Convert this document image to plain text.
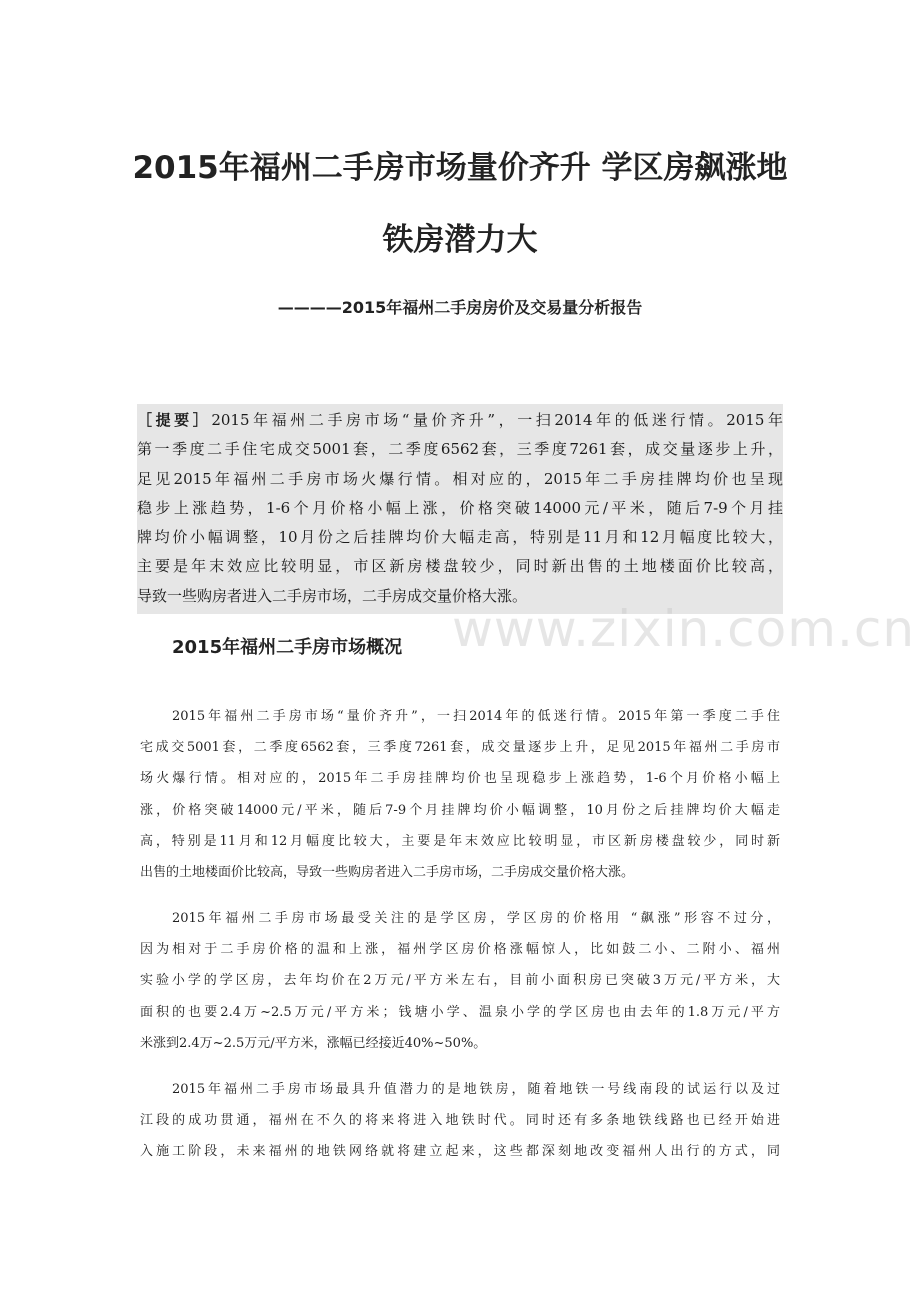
2015年福州二手房市场量价齐升 学区房飙涨地
铁房潜力大
————2015年福州二手房房价及交易量分析报告
［提要］2015年福州二手房市场“量价齐升”，一扫2014年的低迷行情。2015年
第一季度二手住宅成交5001套，二季度6562套，三季度7261套，成交量逐步上升，
足见2015年福州二手房市场火爆行情。相对应的，2015年二手房挂牌均价也呈现
稳步上涨趋势，1-6个月价格小幅上涨，价格突破14000元/平米，随后7-9个月挂
牌均价小幅调整，10月份之后挂牌均价大幅走高，特别是11月和12月幅度比较大，
主要是年末效应比较明显，市区新房楼盘较少，同时新出售的土地楼面价比较高，
导致一些购房者进入二手房市场，二手房成交量价格大涨。
www.zixin.com.cn
2015年福州二手房市场概况
2015年福州二手房市场“量价齐升”，一扫2014年的低迷行情。2015年第一季度二手住
宅成交5001套，二季度6562套，三季度7261套，成交量逐步上升，足见2015年福州二手房市
场火爆行情。相对应的，2015年二手房挂牌均价也呈现稳步上涨趋势，1-6个月价格小幅上
涨，价格突破14000元/平米，随后7-9个月挂牌均价小幅调整，10月份之后挂牌均价大幅走
高，特别是11月和12月幅度比较大，主要是年末效应比较明显，市区新房楼盘较少，同时新
出售的土地楼面价比较高，导致一些购房者进入二手房市场，二手房成交量价格大涨。
2015年福州二手房市场最受关注的是学区房，学区房的价格用 “飙涨”形容不过分，
因为相对于二手房价格的温和上涨，福州学区房价格涨幅惊人，比如鼓二小、二附小、福州
实验小学的学区房，去年均价在2万元/平方米左右，目前小面积房已突破3万元/平方米，大
面积的也要2.4万~2.5万元/平方米；钱塘小学、温泉小学的学区房也由去年的1.8万元/平方
米涨到2.4万~2.5万元/平方米，涨幅已经接近40%~50%。
2015年福州二手房市场最具升值潜力的是地铁房，随着地铁一号线南段的试运行以及过
江段的成功贯通，福州在不久的将来将进入地铁时代。同时还有多条地铁线路也已经开始进
入施工阶段，未来福州的地铁网络就将建立起来，这些都深刻地改变福州人出行的方式，同
